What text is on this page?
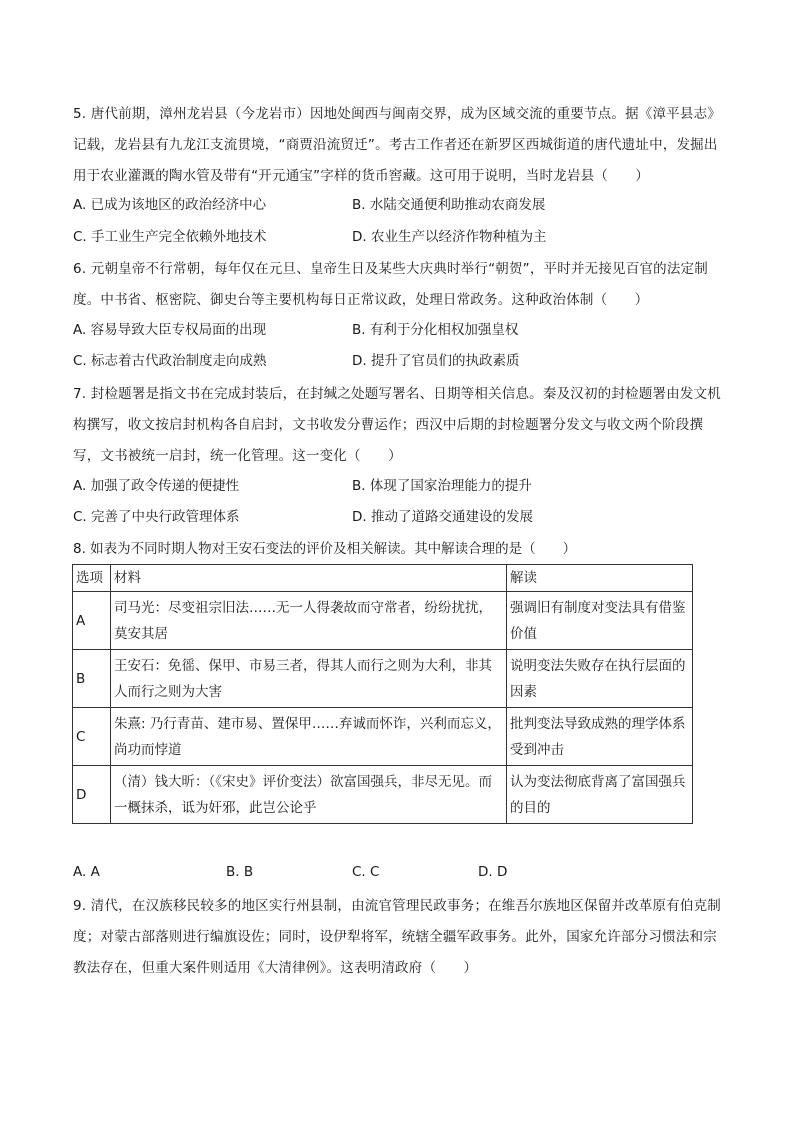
5. 唐代前期，漳州龙岩县（今龙岩市）因地处闽西与闽南交界，成为区域交流的重要节点。据《漳平县志》记载，龙岩县有九龙江支流贯境，“商贾沿流贸迁”。考古工作者还在新罗区西城街道的唐代遗址中，发掘出用于农业灌溉的陶水管及带有“开元通宝”字样的货币窖藏。这可用于说明，当时龙岩县（　　）
A. 已成为该地区的政治经济中心	B. 水陆交通便利助推动农商发展
C. 手工业生产完全依赖外地技术	D. 农业生产以经济作物种植为主
6. 元朝皇帝不行常朝，每年仅在元旦、皇帝生日及某些大庆典时举行“朝贺”，平时并无接见百官的法定制度。中书省、枢密院、御史台等主要机构每日正常议政，处理日常政务。这种政治体制（　　）
A. 容易导致大臣专权局面的出现	B. 有利于分化相权加强皇权
C. 标志着古代政治制度走向成熟	D. 提升了官员们的执政素质
7. 封检题署是指文书在完成封装后，在封缄之处题写署名、日期等相关信息。秦及汉初的封检题署由发文机构撰写，收文按启封机构各自启封，文书收发分曹运作；西汉中后期的封检题署分发文与收文两个阶段撰写，文书被统一启封，统一化管理。这一变化（　　）
A. 加强了政令传递的便捷性	B. 体现了国家治理能力的提升
C. 完善了中央行政管理体系	D. 推动了道路交通建设的发展
8. 如表为不同时期人物对王安石变法的评价及相关解读。其中解读合理的是（　　）
选项	材料	解读
A	司马光：尽变祖宗旧法……无一人得袭故而守常者，纷纷扰扰，莫安其居	强调旧有制度对变法具有借鉴价值
B	王安石：免徭、保甲、市易三者，得其人而行之则为大利，非其人而行之则为大害	说明变法失败存在执行层面的因素
C	朱熹: 乃行青苗、建市易、置保甲……弃诚而怀诈，兴利而忘义，尚功而悖道	批判变法导致成熟的理学体系受到冲击
D	（清）钱大昕：（《宋史》评价变法）欲富国强兵，非尽无见。而一概抹杀，诋为奸邪，此岂公论乎	认为变法彻底背离了富国强兵的目的
A. A	B. B	C. C	D. D
9. 清代，在汉族移民较多的地区实行州县制，由流官管理民政事务；在维吾尔族地区保留并改革原有伯克制度；对蒙古部落则进行编旗设佐；同时，设伊犁将军，统辖全疆军政事务。此外，国家允许部分习惯法和宗教法存在，但重大案件则适用《大清律例》。这表明清政府（　　）
